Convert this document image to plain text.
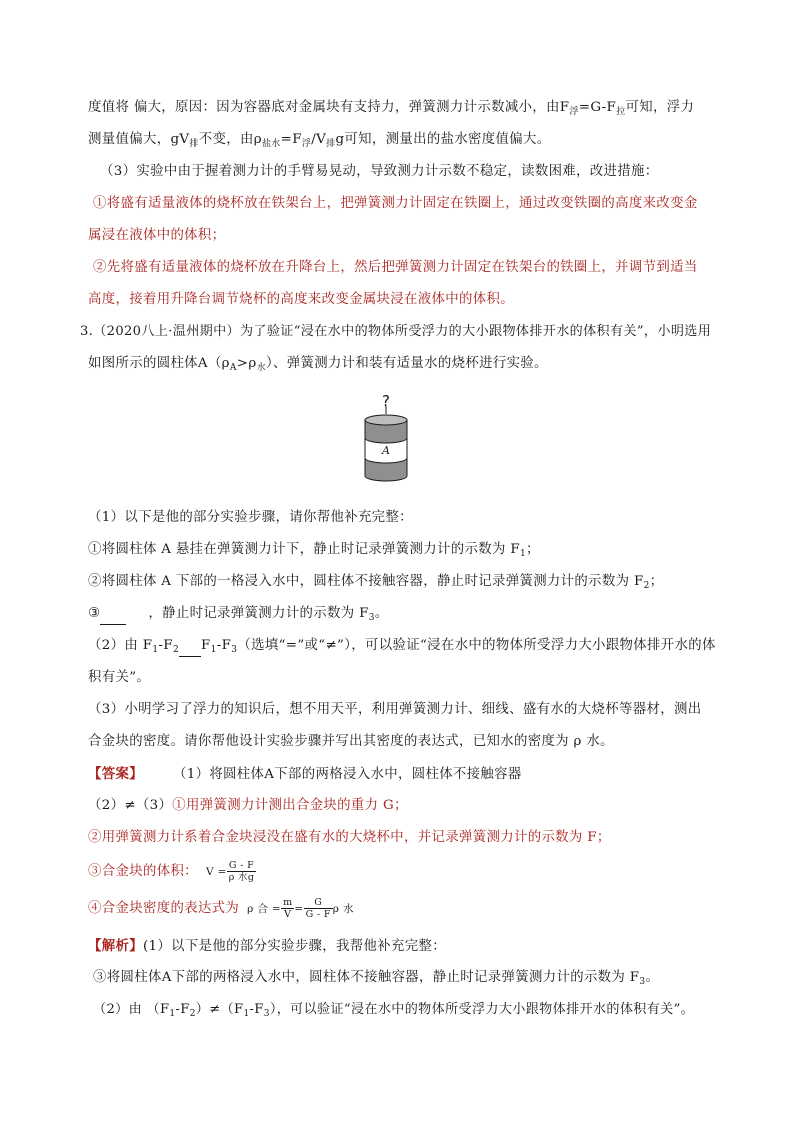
度值将 偏大，原因：因为容器底对金属块有支持力，弹簧测力计示数减小，由$F_浮=G-F_拉$可知，浮力
测量值偏大，$gV_排$不变，由$\rho_{盐水}=F_浮/V_排g$可知，测量出的盐水密度值偏大。
（3）实验中由于握着测力计的手臂易晃动，导致测力计示数不稳定，读数困难，改进措施：
①将盛有适量液体的烧杯放在铁架台上，把弹簧测力计固定在铁圈上，通过改变铁圈的高度来改变金
属浸在液体中的体积；
②先将盛有适量液体的烧杯放在升降台上，然后把弹簧测力计固定在铁架台的铁圈上，并调节到适当
高度，接着用升降台调节烧杯的高度来改变金属块浸在液体中的体积。
3.（2020八上·温州期中）为了验证“浸在水中的物体所受浮力的大小跟物体排开水的体积有关”，小明选用
如图所示的圆柱体$A(\rho_A>\rho_水)$、弹簧测力计和装有适量水的烧杯进行实验。
?
A
（1）以下是他的部分实验步骤，请你帮他补充完整：
①将圆柱体 A 悬挂在弹簧测力计下，静止时记录弹簧测力计的示数为 $F_1$；
②将圆柱体 A 下部的一格浸入水中，圆柱体不接触容器，静止时记录弹簧测力计的示数为 $F_2$；
③	，静止时记录弹簧测力计的示数为 $F_3$。
（2）由 $F_1-F_2$ $F_1-F_3$（选填“=”或“≠”），可以验证“浸在水中的物体所受浮力大小跟物体排开水的体
积有关”。
（3）小明学习了浮力的知识后，想不用天平，利用弹簧测力计、细线、盛有水的大烧杯等器材，测出
合金块的密度。请你帮他设计实验步骤并写出其密度的表达式，已知水的密度为 ρ 水。
【答案】 （1）将圆柱体A下部的两格浸入水中，圆柱体不接触容器
（2）≠（3）①用弹簧测力计测出合金块的重力 G；
②用弹簧测力计系着合金块浸没在盛有水的大烧杯中，并记录弹簧测力计的示数为 F；
③合金块的体积： $V = \frac{G - F}{\text{ρ 水g}}$
④合金块密度的表达式为 ρ 合 = $\frac{m}{V} = \frac{G}{G - F}$ ρ 水
【解析】(1）以下是他的部分实验步骤，我帮他补充完整：
③将圆柱体A下部的两格浸入水中，圆柱体不接触容器，静止时记录弹簧测力计的示数为 $F_3$。
（2）由 $(F_1-F_2)\ne(F_1-F_3)$，可以验证“浸在水中的物体所受浮力大小跟物体排开水的体积有关”。
